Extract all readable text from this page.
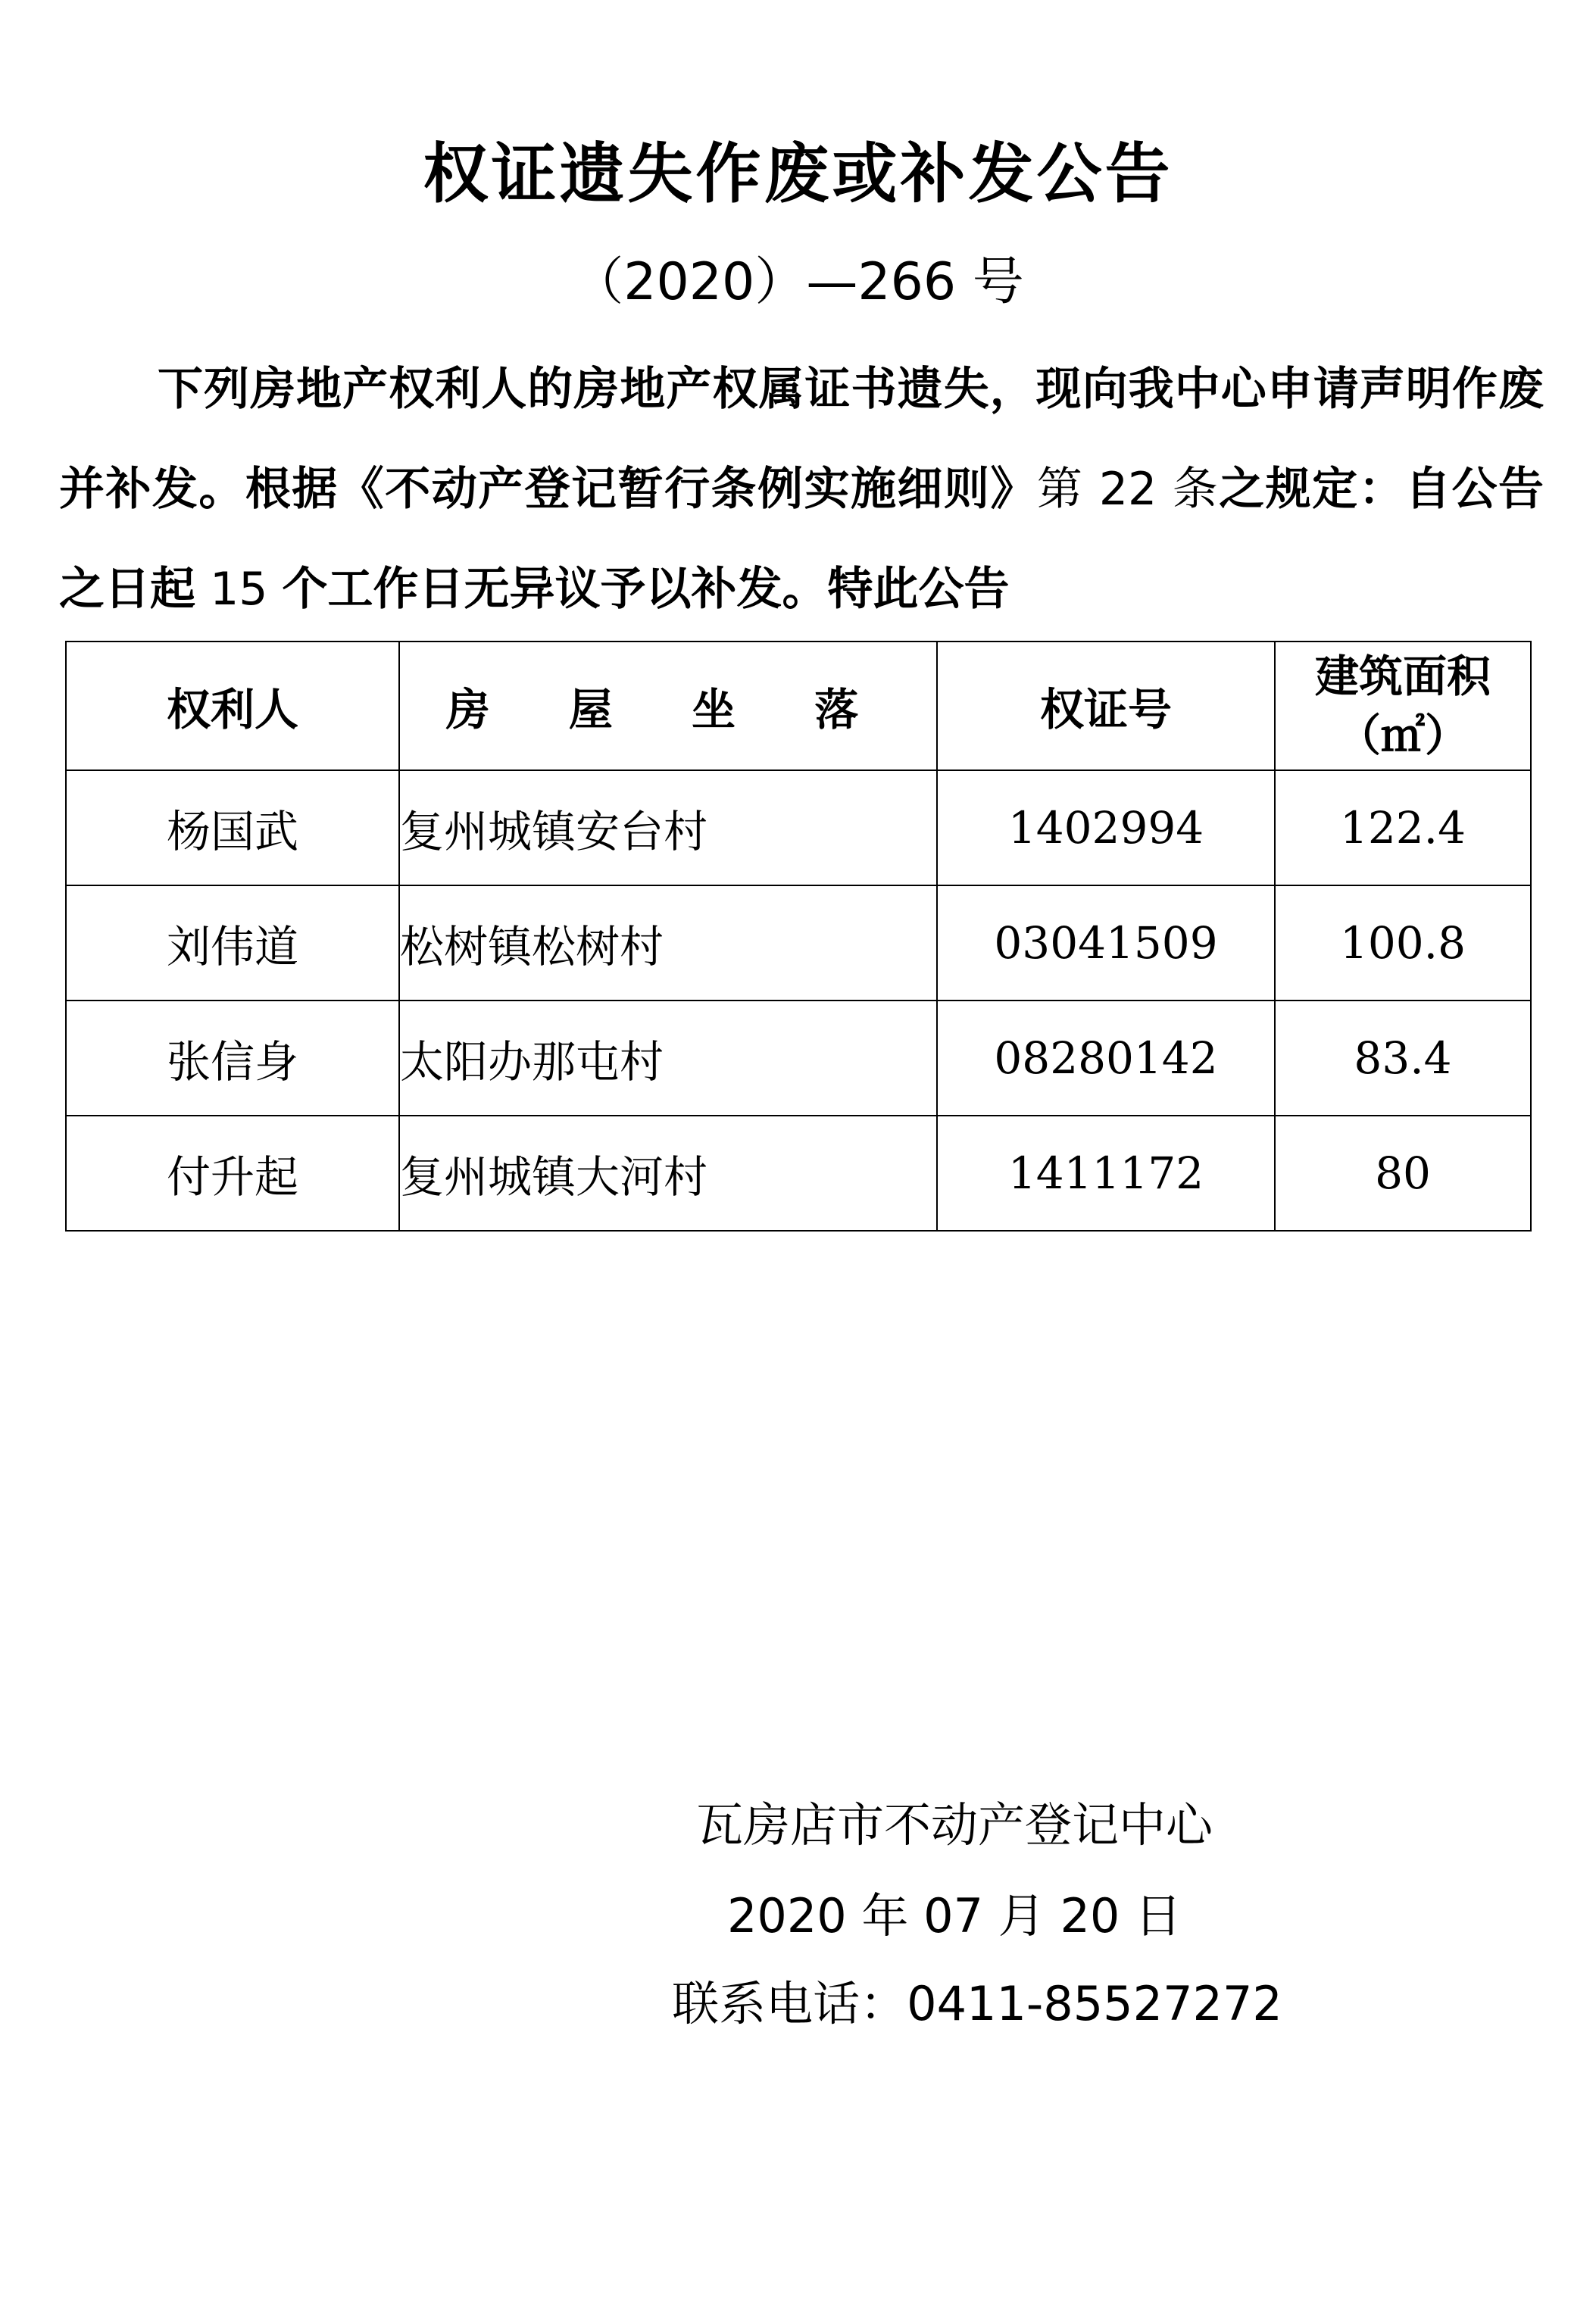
权证遗失作废或补发公告
（2020）—266 号
下列房地产权利人的房地产权属证书遗失，现向我中心申请声明作废并补发。根据《不动产登记暂行条例实施细则》第 22 条之规定：自公告之日起 15 个工作日无异议予以补发。特此公告
权利人	房 屋 坐 落	权证号	建筑面积
（㎡）

杨国武	复州城镇安台村	1402994	122.4
刘伟道	松树镇松树村	03041509	100.8
张信身	太阳办那屯村	08280142	83.4
付升起	复州城镇大河村	1411172	80
瓦房店市不动产登记中心
2020 年 07 月 20 日
联系电话：0411-85527272
